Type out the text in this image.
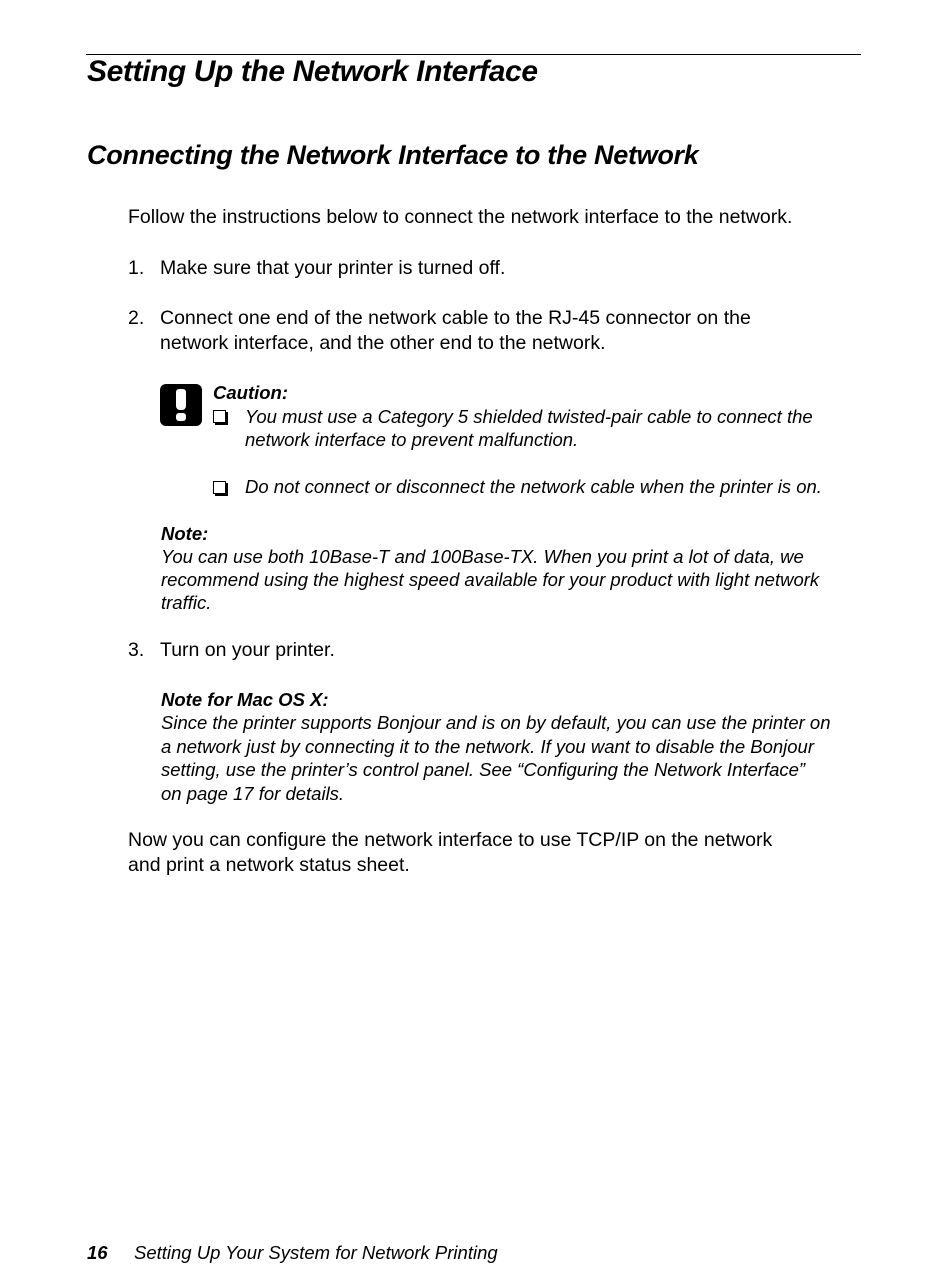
Setting Up the Network Interface
Connecting the Network Interface to the Network
Follow the instructions below to connect the network interface to the network.
1. Make sure that your printer is turned off.
2. Connect one end of the network cable to the RJ-45 connector on the
network interface, and the other end to the network.
Caution:
You must use a Category 5 shielded twisted-pair cable to connect the
network interface to prevent malfunction.
Do not connect or disconnect the network cable when the printer is on.
Note:
You can use both 10Base-T and 100Base-TX. When you print a lot of data, we
recommend using the highest speed available for your product with light network
traffic.
3. Turn on your printer.
Note for Mac OS X:
Since the printer supports Bonjour and is on by default, you can use the printer on
a network just by connecting it to the network. If you want to disable the Bonjour
setting, use the printer’s control panel. See “Configuring the Network Interface”
on page 17 for details.
Now you can configure the network interface to use TCP/IP on the network
and print a network status sheet.
16 Setting Up Your System for Network Printing
